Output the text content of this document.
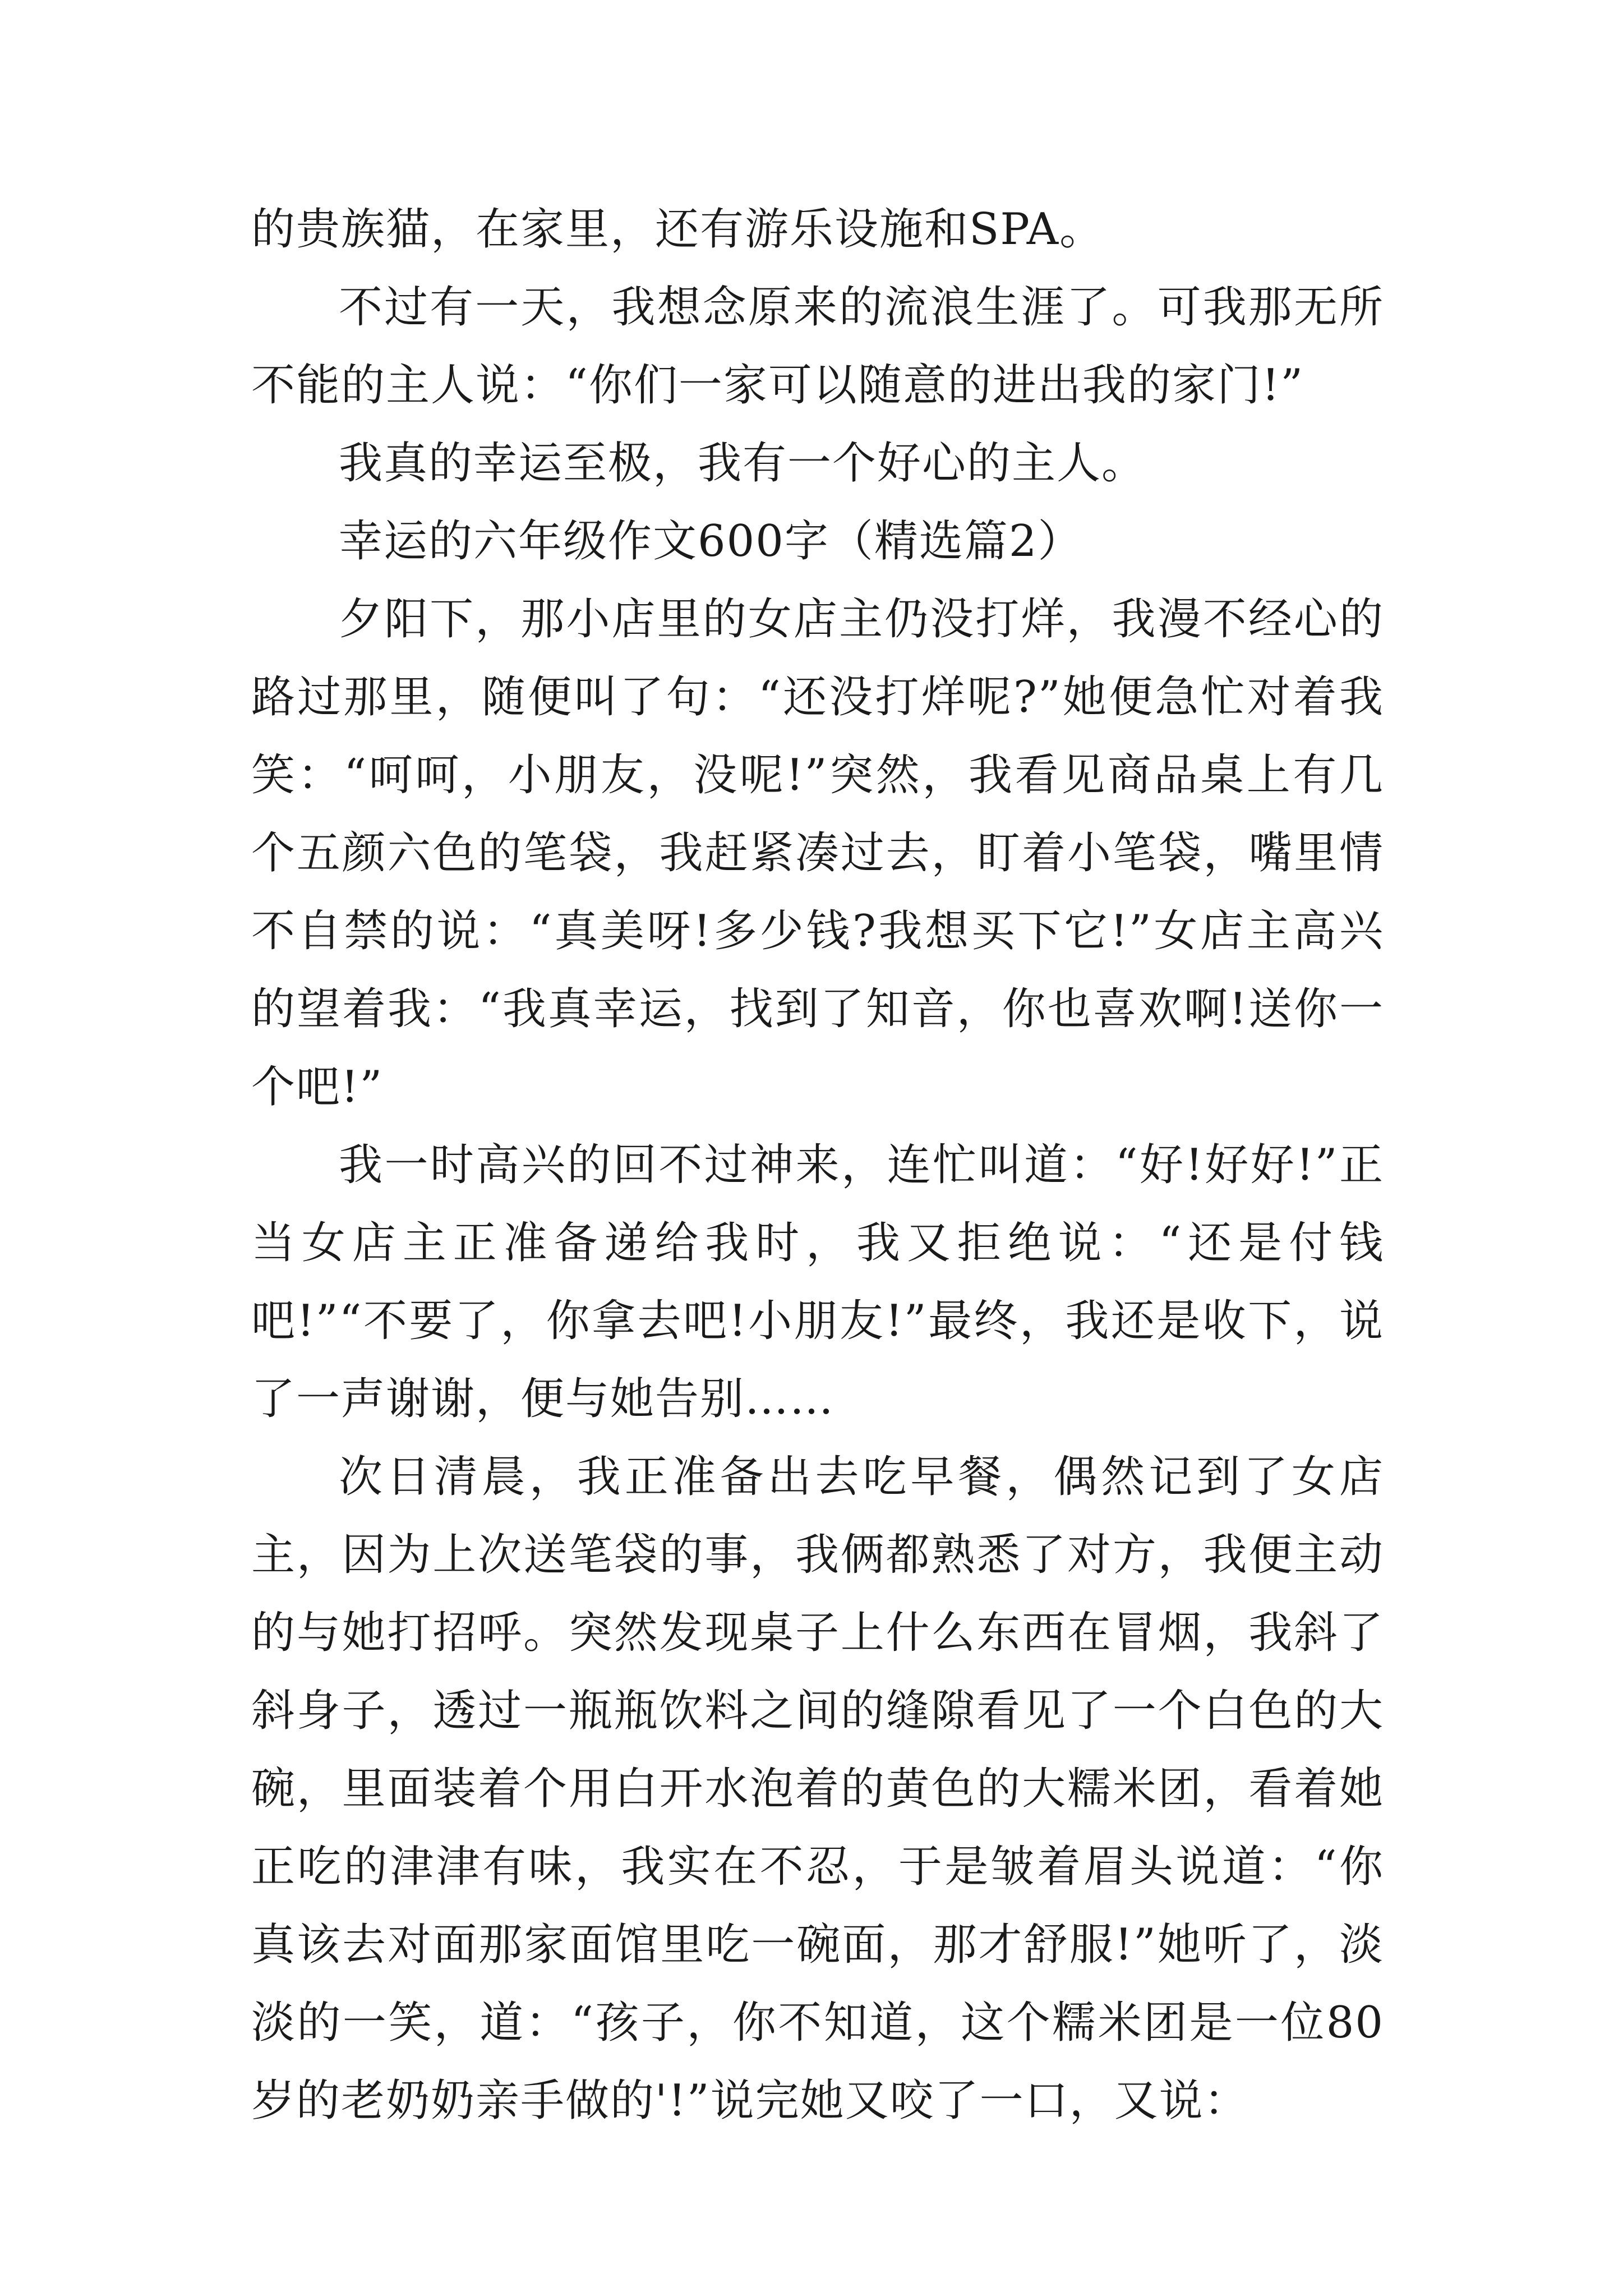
的贵族猫，在家里，还有游乐设施和SPA。

不过有一天，我想念原来的流浪生涯了。可我那无所不能的主人说：“你们一家可以随意的进出我的家门!”

我真的幸运至极，我有一个好心的主人。

幸运的六年级作文600字（精选篇2）

夕阳下，那小店里的女店主仍没打烊，我漫不经心的路过那里，随便叫了句：“还没打烊呢?”她便急忙对着我笑：“呵呵，小朋友，没呢!”突然，我看见商品桌上有几个五颜六色的笔袋，我赶紧凑过去，盯着小笔袋，嘴里情不自禁的说：“真美呀!多少钱?我想买下它!”女店主高兴的望着我：“我真幸运，找到了知音，你也喜欢啊!送你一个吧!”

我一时高兴的回不过神来，连忙叫道：“好!好好!”正当女店主正准备递给我时，我又拒绝说：“还是付钱吧!”“不要了，你拿去吧!小朋友!”最终，我还是收下，说了一声谢谢，便与她告别……

次日清晨，我正准备出去吃早餐，偶然记到了女店主，因为上次送笔袋的事，我俩都熟悉了对方，我便主动的与她打招呼。突然发现桌子上什么东西在冒烟，我斜了斜身子，透过一瓶瓶饮料之间的缝隙看见了一个白色的大碗，里面装着个用白开水泡着的黄色的大糯米团，看着她正吃的津津有味，我实在不忍，于是皱着眉头说道：“你真该去对面那家面馆里吃一碗面，那才舒服!”她听了，淡淡的一笑，道：“孩子，你不知道，这个糯米团是一位80岁的老奶奶亲手做的'!”说完她又咬了一口，又说：
